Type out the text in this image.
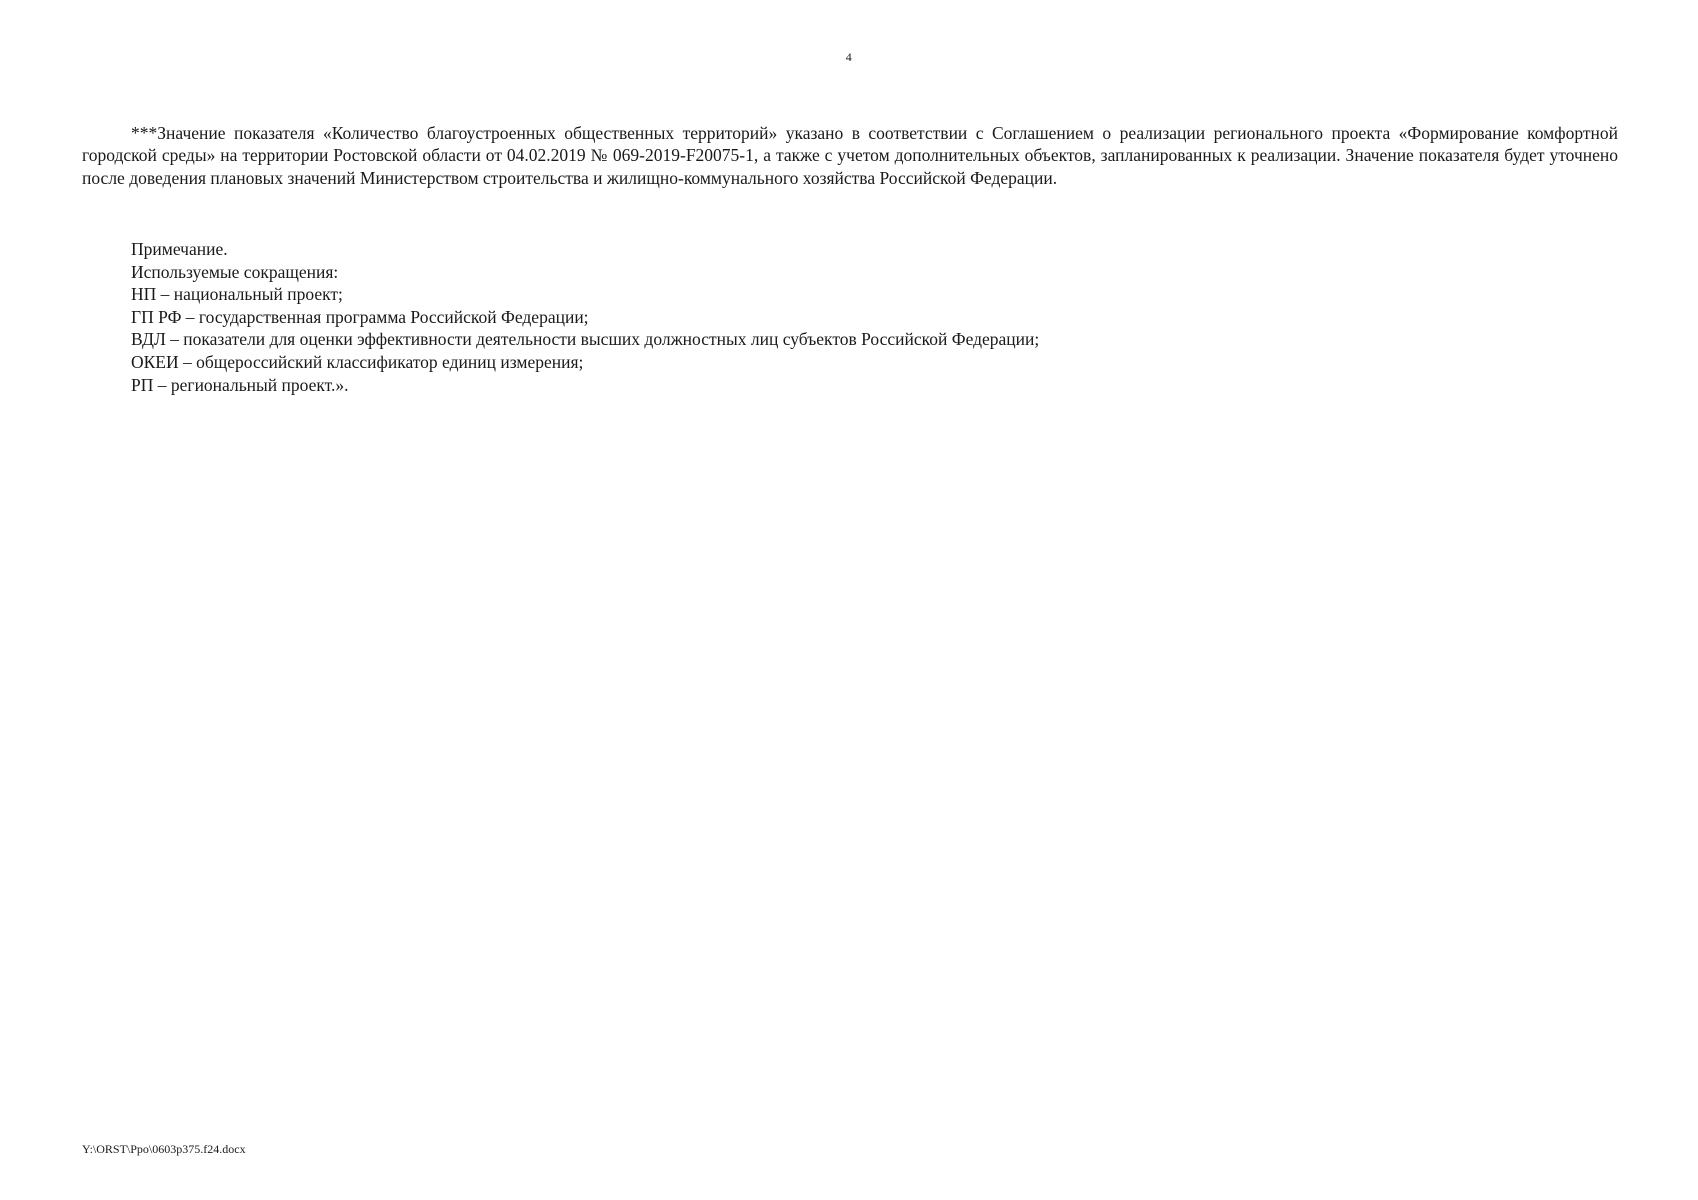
4

***Значение показателя «Количество благоустроенных общественных территорий» указано в соответствии с Соглашением о реализации регионального проекта «Формирование комфортной городской среды» на территории Ростовской области от 04.02.2019 № 069-2019-F20075-1, а также с учетом дополнительных объектов, запланированных к реализации. Значение показателя будет уточнено после доведения плановых значений Министерством строительства и жилищно-коммунального хозяйства Российской Федерации.

Примечание.
Используемые сокращения:
НП – национальный проект;
ГП РФ – государственная программа Российской Федерации;
ВДЛ – показатели для оценки эффективности деятельности высших должностных лиц субъектов Российской Федерации;
ОКЕИ – общероссийский классификатор единиц измерения;
РП – региональный проект.».
Y:\ORST\Ppo\0603p375.f24.docx
